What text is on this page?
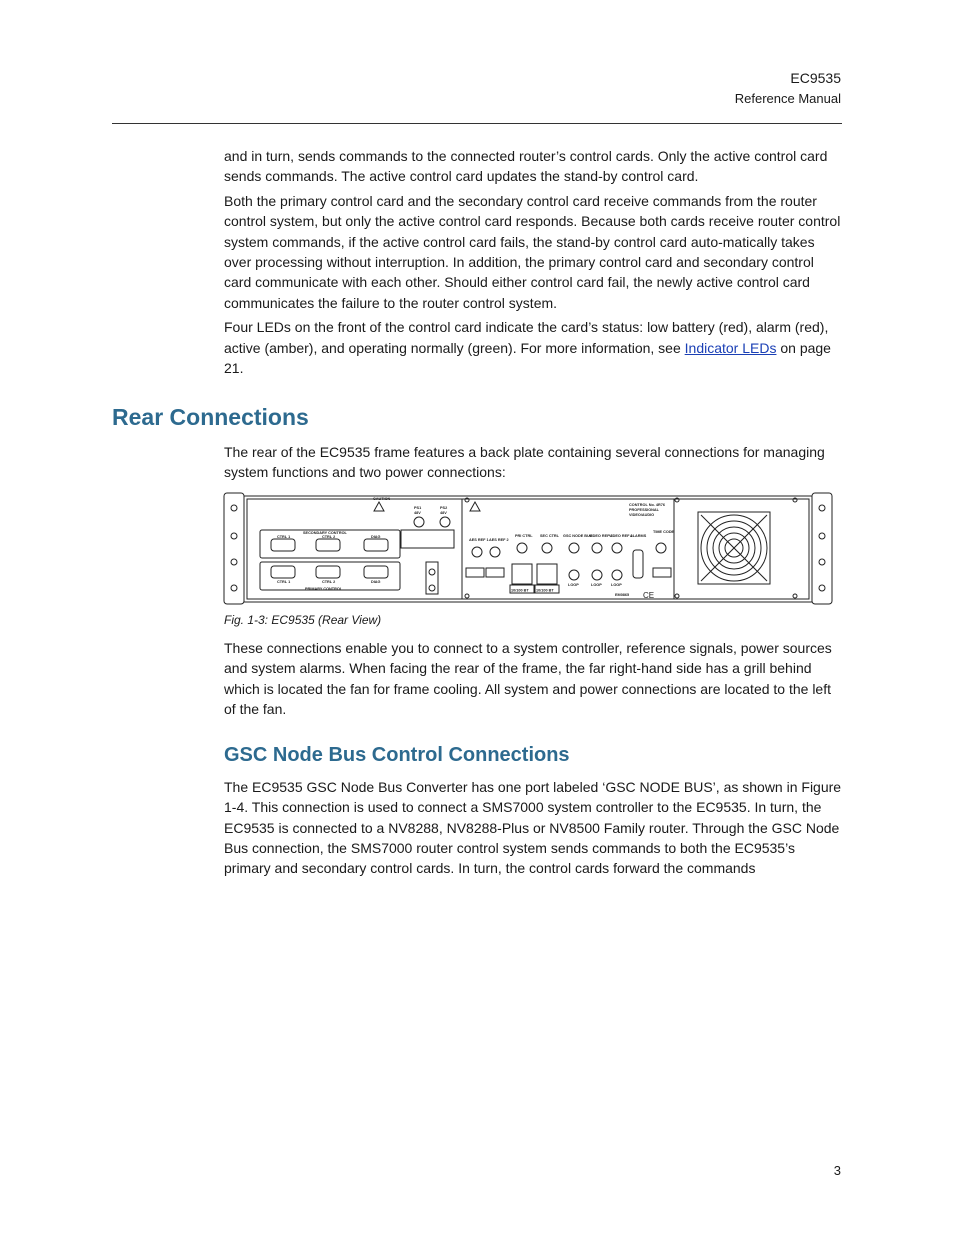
EC9535
Reference Manual

and in turn, sends commands to the connected router’s control cards. Only the active control card sends commands. The active control card updates the stand-by control card.

Both the primary control card and the secondary control card receive commands from the router control system, but only the active control card responds. Because both cards receive router control system commands, if the active control card fails, the stand-by control card auto-matically takes over processing without interruption. In addition, the primary control card and secondary control card communicate with each other. Should either control card fail, the newly active control card communicates the failure to the router control system.

Four LEDs on the front of the control card indicate the card’s status: low battery (red), alarm (red), active (amber), and operating normally (green). For more information, see Indicator LEDs on page 21.

Rear Connections

The rear of the EC9535 frame features a back plate containing several connections for managing system functions and two power connections:

CAUTION
SECONDARY CONTROL
PRIMARY CONTROL
CTRL 1	CTRL 2	DIAG
CTRL 1	CTRL 2	DIAG
PS1
48V
PS2
48V
AES REF 1 AES REF 2
PRI CTRL SEC CTRL GSC NODE BUS
VIDEO REF 1
VIDEO REF 2
ALARMS
TIME CODE
LOOP	LOOP LOOP
10/100 BT 10/100 BT
EM0865
CONTROL No. 4R76
PROFESSIONAL
VIDEO/AUDIO
CE
Fig. 1-3: EC9535 (Rear View)

These connections enable you to connect to a system controller, reference signals, power sources and system alarms. When facing the rear of the frame, the far right-hand side has a grill behind which is located the fan for frame cooling. All system and power connections are located to the left of the fan.

GSC Node Bus Control Connections

The EC9535 GSC Node Bus Converter has one port labeled ‘GSC NODE BUS’, as shown in Figure 1-4. This connection is used to connect a SMS7000 system controller to the EC9535. In turn, the EC9535 is connected to a NV8288, NV8288-Plus or NV8500 Family router. Through the GSC Node Bus connection, the SMS7000 router control system sends commands to both the EC9535’s primary and secondary control cards. In turn, the control cards forward the commands

3
